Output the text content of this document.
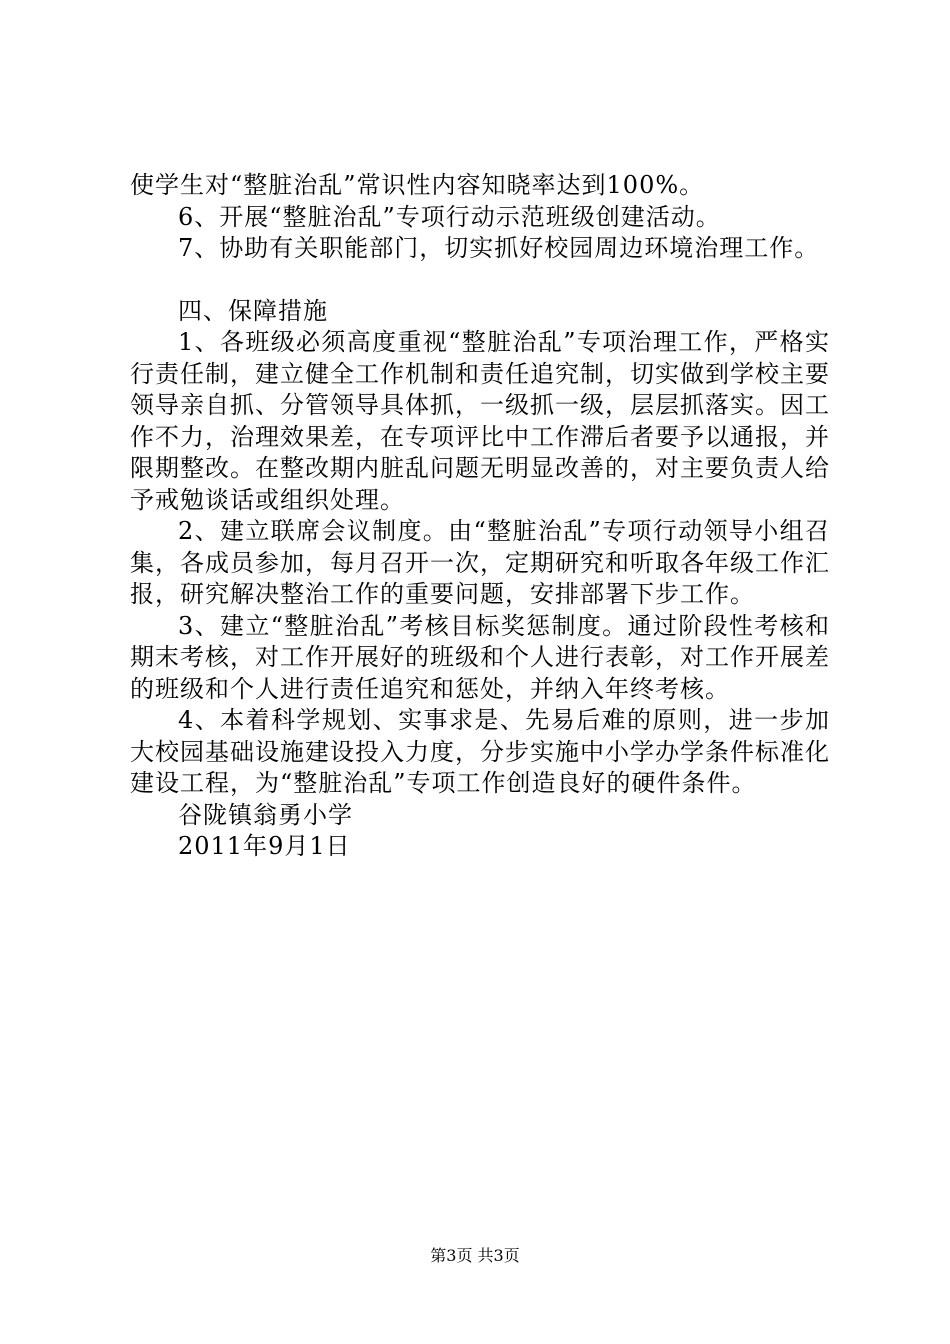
使学生对“整脏治乱”常识性内容知晓率达到100%。

6、开展“整脏治乱”专项行动示范班级创建活动。

7、协助有关职能部门，切实抓好校园周边环境治理工作。

四、保障措施

1、各班级必须高度重视“整脏治乱”专项治理工作，严格实行责任制，建立健全工作机制和责任追究制，切实做到学校主要领导亲自抓、分管领导具体抓，一级抓一级，层层抓落实。因工作不力，治理效果差，在专项评比中工作滞后者要予以通报，并限期整改。在整改期内脏乱问题无明显改善的，对主要负责人给予戒勉谈话或组织处理。

2、建立联席会议制度。由“整脏治乱”专项行动领导小组召集，各成员参加，每月召开一次，定期研究和听取各年级工作汇报，研究解决整治工作的重要问题，安排部署下步工作。

3、建立“整脏治乱”考核目标奖惩制度。通过阶段性考核和期末考核，对工作开展好的班级和个人进行表彰，对工作开展差的班级和个人进行责任追究和惩处，并纳入年终考核。

4、本着科学规划、实事求是、先易后难的原则，进一步加大校园基础设施建设投入力度，分步实施中小学办学条件标准化建设工程，为“整脏治乱”专项工作创造良好的硬件条件。

谷陇镇翁勇小学

2011年9月1日

第3页 共3页
